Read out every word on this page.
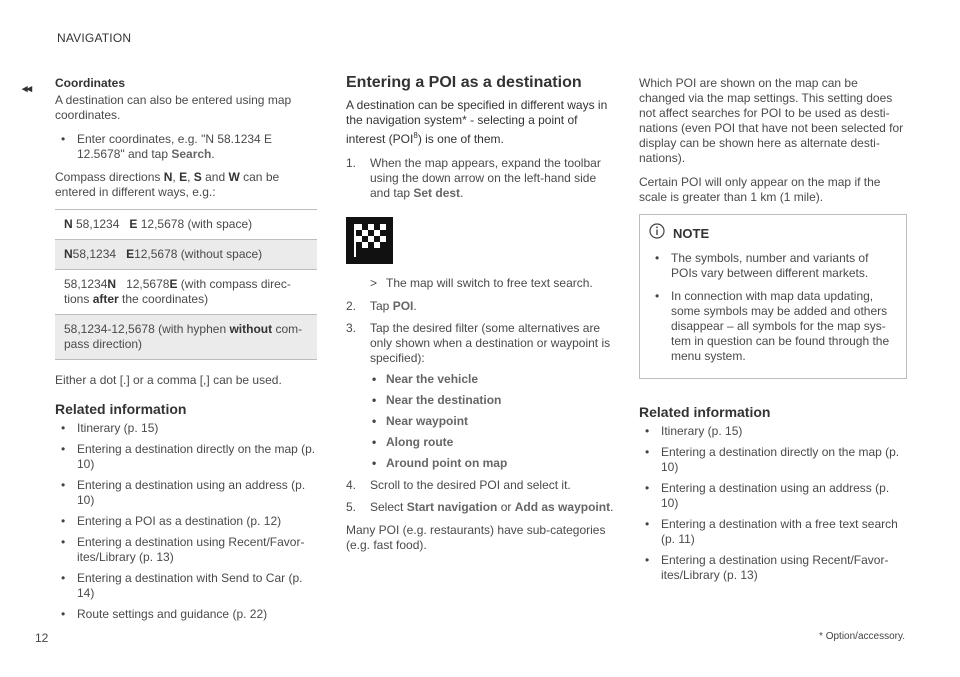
NAVIGATION
◂◂ Coordinates

A destination can also be entered using map coordinates.

• Enter coordinates, e.g. "N 58.1234 E 12.5678" and tap Search.

Compass directions N, E, S and W can be entered in different ways, e.g.:

N 58,1234   E 12,5678 (with space)
N58,1234   E12,5678 (without space)
58,1234N   12,5678E (with compass direc-tions after the coordinates)
58,1234-12,5678 (with hyphen without com-pass direction)

Either a dot [.] or a comma [,] can be used.

Related information
• Itinerary (p. 15)
• Entering a destination directly on the map (p. 10)
• Entering a destination using an address (p. 10)
• Entering a POI as a destination (p. 12)
• Entering a destination using Recent/Favor-ites/Library (p. 13)
• Entering a destination with Send to Car (p. 14)
• Route settings and guidance (p. 22)
Entering a POI as a destination

A destination can be specified in different ways in the navigation system* - selecting a point of interest (POI$^8$) is one of them.

1. When the map appears, expand the toolbar using the down arrow on the left-hand side and tap Set dest.
> The map will switch to free text search.
2. Tap POI.
3. Tap the desired filter (some alternatives are only shown when a destination or waypoint is specified):
• Near the vehicle
• Near the destination
• Near waypoint
• Along route
• Around point on map
4. Scroll to the desired POI and select it.
5. Select Start navigation or Add as waypoint.

Many POI (e.g. restaurants) have sub-categories (e.g. fast food).

Which POI are shown on the map can be changed via the map settings. This setting does not affect searches for POI to be used as desti-nations (even POI that have not been selected for display can be shown here as alternate desti-nations).

Certain POI will only appear on the map if the scale is greater than 1 km (1 mile).

NOTE
• The symbols, number and variants of POIs vary between different markets.
• In connection with map data updating, some symbols may be added and others disappear – all symbols for the map sys-tem in question can be found through the menu system.
Related information
• Itinerary (p. 15)
• Entering a destination directly on the map (p. 10)
• Entering a destination using an address (p. 10)
• Entering a destination with a free text search (p. 11)
• Entering a destination using Recent/Favor-ites/Library (p. 13)
12	* Option/accessory.
